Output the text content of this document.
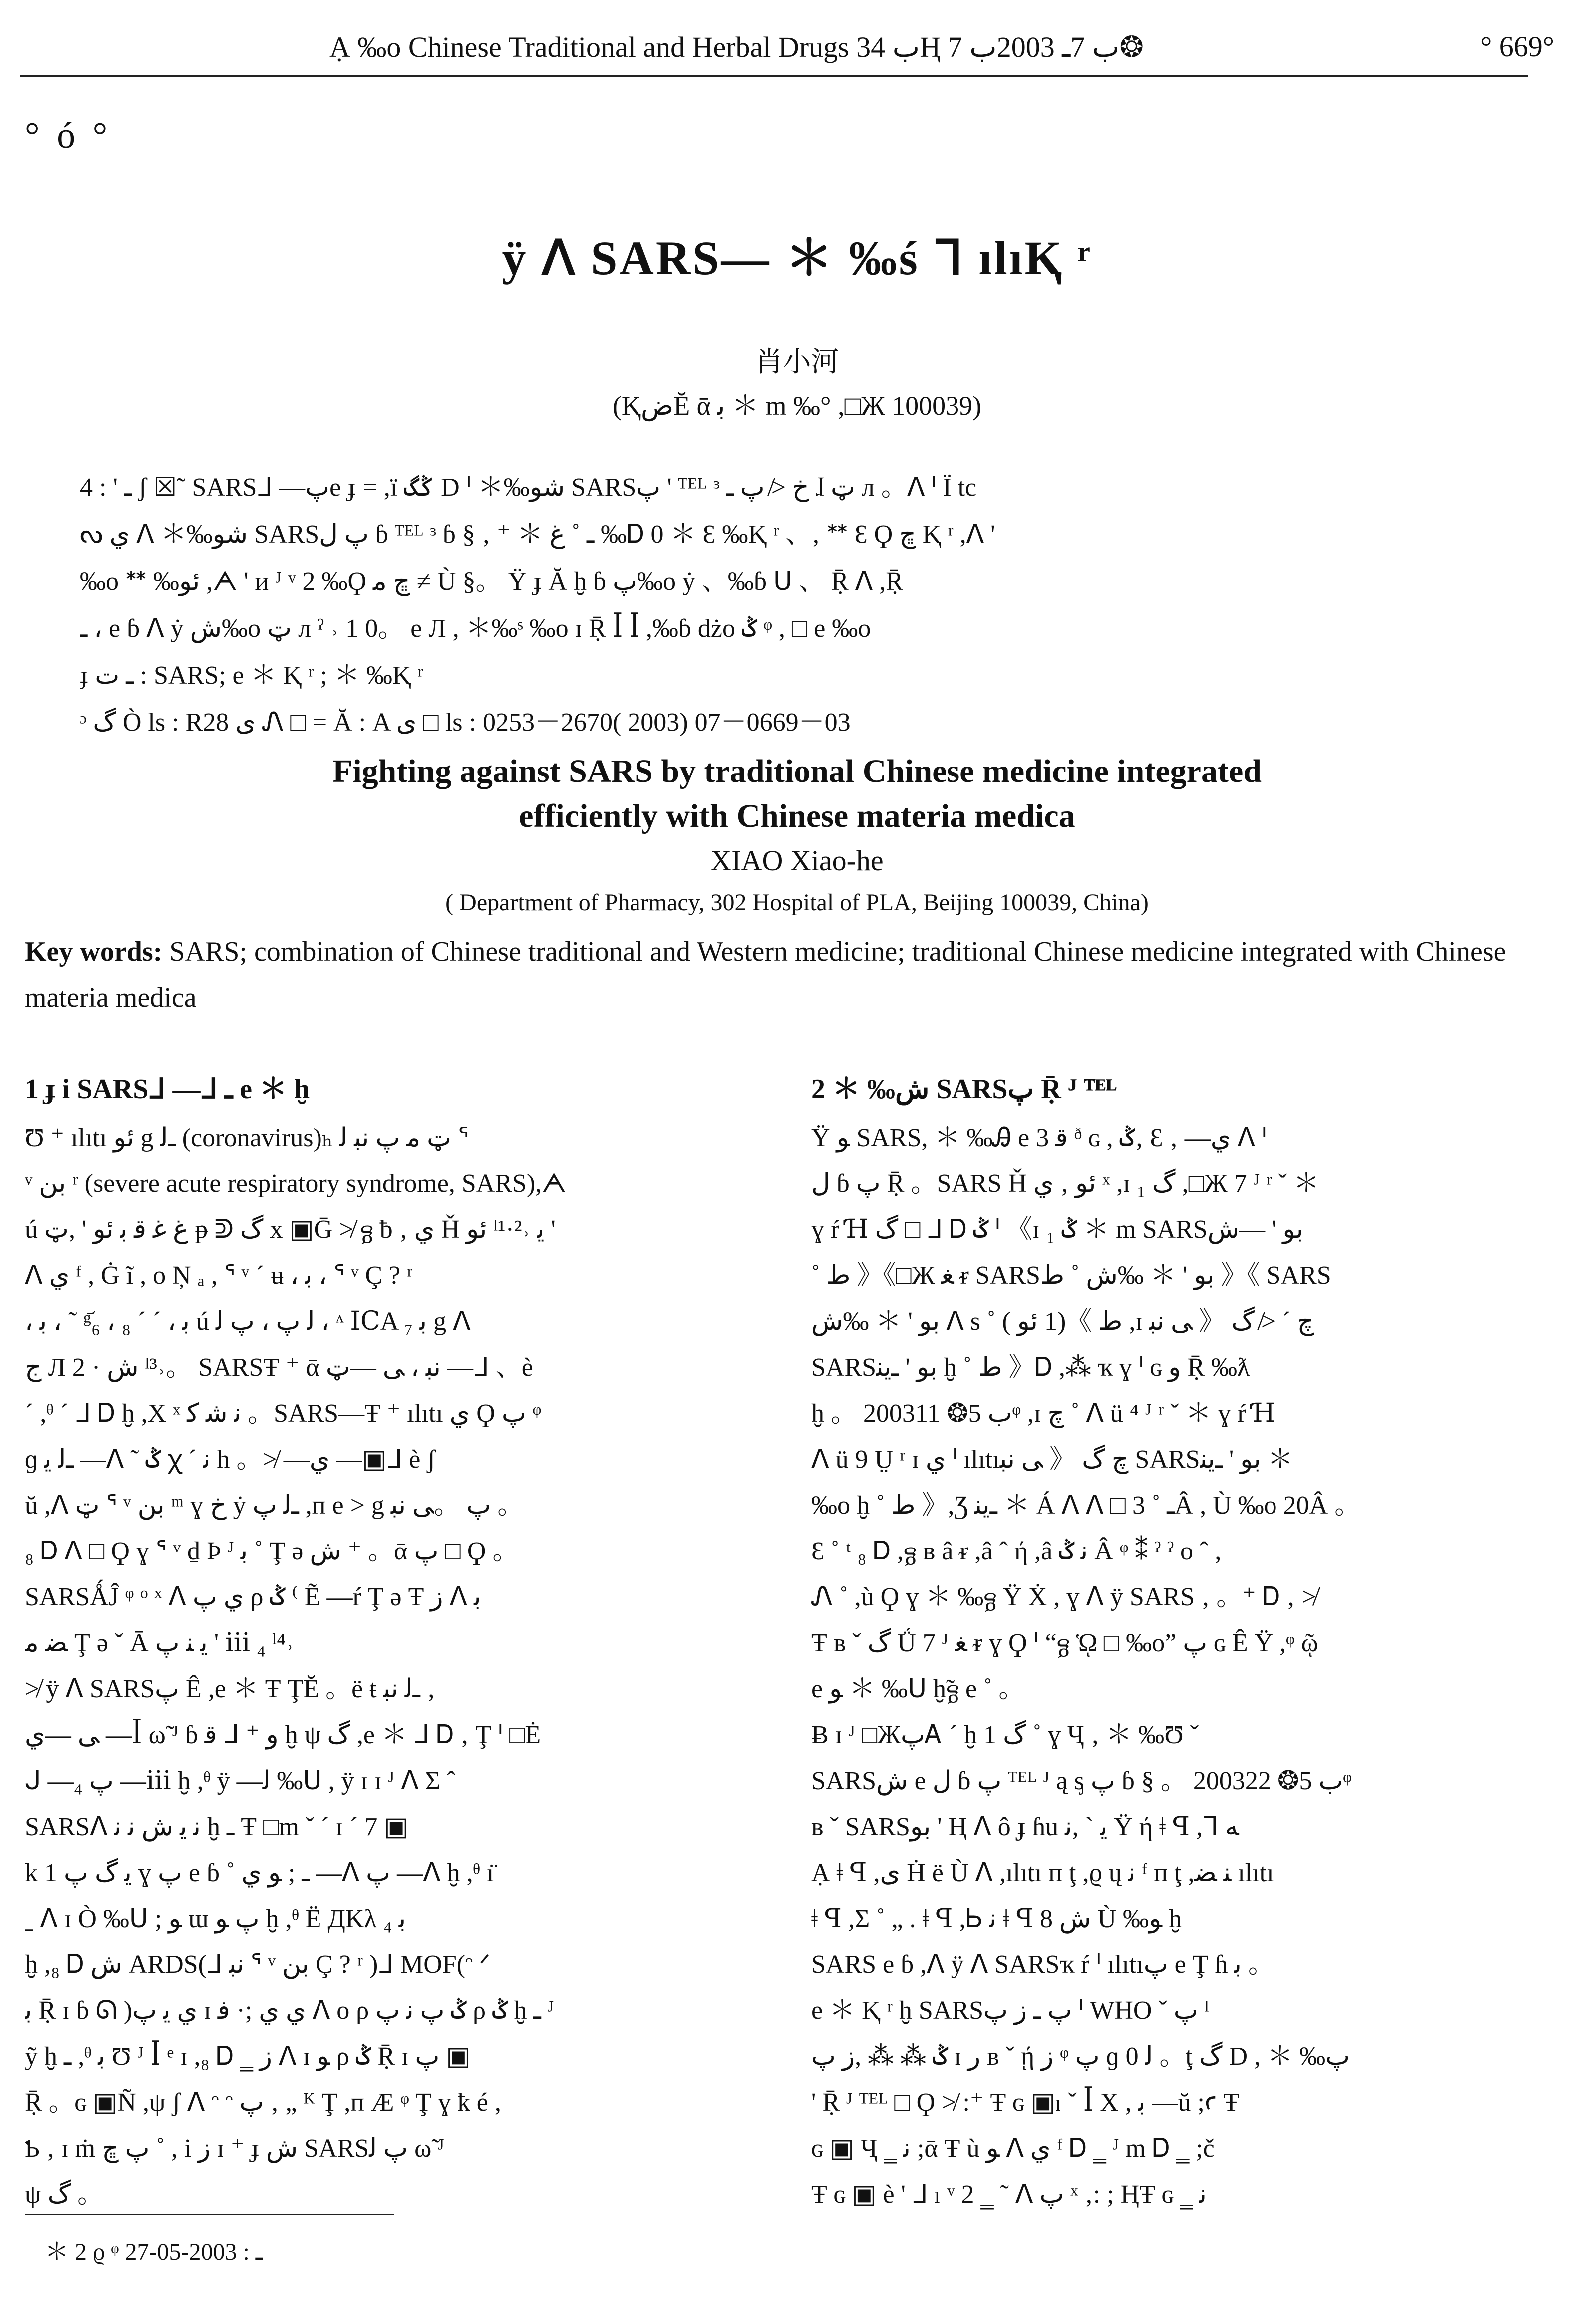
Ạ ‰o Chinese Traditional and Herbal Drugs ب 34Ⱨ ب 7ـ 2003ب 7❂	° 669°
° ó °
ÿ ᐱ SARS— ＊ ‰ś ᒣ ılıⱩ ʳ
肖小河
(ⱩضĔ ᾱ ﺑ ＊ m ‰° ,□Ж 100039)

ـ ' : 4 ʃ ☒˜ SARSᒧ —پe ɟ = ,ï ݣگ D ᑊ ＊‰شو SARSپ ' ᵀᴱᴸ ᵌ خ ≯ پ ـ ɺ ټ л 。ᐱ ᑊ Ï tc

ᔓ ي ᐱ ＊‰شو SARSپ ﻝ ɓ ᵀᴱᴸ ᵌ ɓ § ‚ ⁺ ＊ ـ ˚ ﻍ ‰Ꭰ 0 ＊ Ɛ ‰Ⱪ ʳ 、‚ ᕯ Ɛ Ϙ ڇ Ⱪ ʳ ,ᐱ '

‰o ᕯ ‰ئو ,ᗅ ' ᴎ ᴶ ᵛ 2 ‰Ϙ ڇ ﻣ ≠ Ù §。 Ÿ ɟ Ᾰ ḫ ɓ پ‰o ẏ 、‰ɓ ᑌ 、 Ṝ ᐱ ,Ṝ

ـ ، e ɓ ᐱ ẏ ش‰o ټ л ˀ ˒ 1 0。 e Л , ＊‰ˢ ‰o ɪ Ṝ ꟾ ꟾ ,‰ɓ dżo ݣ ᵠ , □ e ‰o

ɟ ـ ت : SARS; e ＊ Ⱪ ʳ ; ＊ ‰Ⱪ ʳ

ᵓ گ Ò ls : R28 ی Ꮑ □ = Ᾰ : A ی □ ls : 0253－2670( 2003) 07－0669－03

Fighting against SARS by traditional Chinese medicine integrated
efficiently with Chinese materia medica
XIAO Xiao-he
( Department of Pharmacy, 302 Hospital of PLA, Beijing 100039, China)
Key words: SARS; combination of Chinese traditional and Western medicine; traditional Chinese medicine integrated with Chinese materia medica
1 ɟ i SARSᒧ —ᒧ ـ e ＊ ḫ

Ʊ ⁺ ılıtı ئو g ـﻟ (coronavirus)ₕ ټ ﻣ پ ﻧﺒ ﻟ ᕐ

ᵛ ﺑﻦ ʳ (severe acute respiratory syndrome, SARS),ᗅ

ú ﻍ ﻏ ﻗ ﺑ ﺋﻮ ' ,ټ ᵽ ᕲ گ x ▣Ḡ ≯ ᵷ ƀ ‚ ي Ȟ ﺋﻮ ˡ¹·²˒ ﻳ '

ᐱ ي ᶠ , Ġ ĩ , ο Ņ ₐ , ᕐ ᵛ ˊ ʉ ، ﺑ ، ᕐ ᵛ Ç ? ʳ

، ﺑ ، ˜ ᵍ᷄₆ ، ﺑ ، ˊ ˊ ₈ ú ﻟ پ ، پ ﻟ ، ᶺ ⅠⅭA ﺑ ₇ g ᐱ

ﺝ Л 2 · ش ˡ³˒。 SARSŦ ⁺ ᾱ ﻧﺒ ، ﻰ —ټ —ᒧ 、è

ˊ ,ᶿ ˊ ᒧ Ꭰ ḫ ,X ˣ ﻧ ﺷ ﻛ 。SARS—Ŧ ⁺ ılıtı ي Ϙ پ ᵠ

ɡ ـﻟ ﻳ —ᐱ ˜ ݣ ꭓ ˊ ﻧ h 。≯ —ي —▣ᒧ è ʃ

ŭ ,ᐱ ټ ᕐ ᵛ ﺑﻦ ᵐ ɣ ﺥ ẏ ـﻟ پ ,ᴨ e > g پ 。ﻰ ﻧﺒ 。

₈ Ꭰ ᐱ □ Ϙ ɣ ᕐ ᵛ ḏ Þ ᴶ ﺑ ˚ Ţ ə ش ⁺ 。ᾱ پ □ Ϙ 。

SARSǺĴ ᵠ ᵒ ˣ ᐱ ي پ ρ ݣ ⁽ Ẽ —ŕ Ţ ə Ŧ ﺯ ᐱ ﺑ

ﻀ ﻣ Ţ ə ˇ Ā ﯾ ﻨ پ ' ⅲ ₄ ˡ⁴˒

≯ ÿ ᐱ SARSپ Ê ,e ＊ Ŧ ŢĔ 。ë ŧ ـﻟ ﻧﺒ ‚

ﻰ —ي —ꟾ ω̃ ᴶ ɓ ﻗ ᒧ ⁺ و ḫ ψ گ ,e ＊ ᒧ Ꭰ ‚ Ţ ᑊ □Ė

ᒍ —₄ پ —ⅲ ḫ ,ᶿ ÿ —ﻟ ‰ᑌ , ÿ ɪ ɪ ᴶ ᐱ Σ ˆ

SARSᐱ ﻧ ﻳ ش ﻧ ﻧ ḫ ـ Ŧ □m ˇ ˊ ɪ ˊ 7 ▣

k 1 ﻳ گ پ ɣ پ e ɓ ˚ ـ ; ﻮ ي —ᐱ پ —ᐱ ḫ ,ᶿ ı̈

ˍ ᐱ ɪ Ò ‰ᑌ ; ﻮ ɯ پ ﻮ ḫ ,ᶿ Ë ДKλ ₄ ﺑ

ḫ ,₈ Ꭰ ش ARDS(ᒧ ﻧﺒ ᕐ ᵛ ﺑﻦ Ç ? ʳ )ᒧ MOF(ᵔ ᐟ

ﺑ Ṝ ɪ ɓ ᘏ )ي ﯾ پ ɪ ي ي ;· ﻓ ᐱ o ρ ݣ پ ﻧ پ ρ ݣ ḫ ـ ᴶ

ỹ ḫ ـ ,ᶿ ﺑ Ʊ ᴶ ꟾ ᵉ ɪ ,₈ Ꭰ ‗ ﺯ ᐱ ɪ ﻮ ρ ݣ Ṝ ɪ پ ▣

Ṝ 。ɢ ▣Ñ ,ψ ʃ ᐱ ᵔ ᵔ پ ‚ „ ᴷ Ţ ,ᴨ Æ ᵠ Ţ ɣ ҟ é ,

Ƅ ‚ ɪ ṁ پ ڇ ˚ , i ﺯ ɪ ⁺ ɟ ش SARSپ ﻟ ω̃ ᴶ

ψ گ 。

2 ＊ ‰ش SARSپ Ṝ ᴶ ᵀᴱᴸ

Ÿ ﻮ SARS, ＊ ‰Ꭿ e ﻗ 3 ᶞ ɢ , ݣ‚ Ɛ ‚ —ي ᐱ ᑊ

ﻝ ɓ پ Ṝ 。SARS Ȟ ﺋﻮ ‚ ي ˣ ,ɪ گ ₁ ,□Ж 7 ᴶ ʳ ˇ ＊

ɣ ŕ Ɦ گ □ ᒧ Ꭰ ݣ ᑊ 《ɪ ݣ ₁ ＊ m SARSﺑﻮ ' —ش

˚ ط 》《□Ж ﻐ ᵲ SARSﺑﻮ ' ＊ ‰ش ˚ ط 》《 SARS

ﺑﻮ ' ＊ ‰ش ᐱ s ˚ ط 》(1 ﺋﻮ ) ,ɪ ﭺ ˊ ≯ گ 《 ﻰ ﻧﺒ

SARSﺑﻮ ' ـﯾﻨ ḫ ˚ ط 》Ꭰ ,⁂ ҡ ɣ ᑊ ɢ ﻭ Ṝ ‰ƛ

ḫ 。 2003ب 5❂ 11ᵠ ,ɪ ﭺ ˚ ᐱ ü ⁴ ᴶ ʳ ˇ ＊ ɣ ŕ Ɦ

ᐱ ü 9 Ṳ ʳ ɪ ي ᑊ ılıtıﭺ گ 《 ﻰ ﻧﺒ SARSﺑﻮ ' ـﯾﻨ ＊

‰o ḫ ˚ ط 》,Ʒ ـﯾﻨ ＊ Á ᐱ ᐱ □ ـ ˚ 3Â , Ù ‰o 20Â 。

Ɛ ˚ ᵗ ₈ Ꭰ ,ᵷ ʙ â ᵲ ,â ˆ ή ,â ﻧ ݣ Â ᵠ ⁑ ˀ ˀ ο ˆ ,

Ꮑ ˚ ,ù Ϙ ɣ ＊ ‰ᵷ Ÿ Ẋ , ɣ ᐱ ÿ SARS ‚ 。⁺ Ꭰ ‚ ≯

Ŧ ʙ ˇ گ Ǘ 7 ᴶ ﻐ ᵲ ɣ Ϙ ᑊ “ᵷ ᾩ □ ‰o” پ ɢ Ê Ÿ ,ᵠ ῷ

e ﻮ ＊ ‰ᑌ ḫ̃ᵷ e ˚ 。

Ƀ ɪ ᴶ □ЖپᎪ ˊ ḫ 1 گ ˚ ɣ Ҷ ‚ ＊ ‰Ʊ ˇ

SARSش e ﻝ ɓ پ ᵀᴱᴸ ᴶ ą ᶊ پ ɓ § 。 2003ب 5❂ 22ᵠ

ʙ ˇ SARSﺑﻮ ' Ⱨ ᐱ ô ɟ ɦu ﻳ ˋ ,ﻧ Ÿ ή ǂ ꟼ ,ᒣ ﻪ

Ạ ǂ ꟼ ,ی Ḣ ë Ù ᐱ ,ılıtı ᴨ ţ ,ϱ ų ﻧ ᶠ ᴨ ţ ,ﻨ ﻀ ılıtı

ǂ ꟼ ,Σ ˚ „ . ǂ ꟼ ,Ꮟ ﻧ ǂ ꟼ ش 8 Ù ‰ﻮ ḫ

SARS e ɓ ,ᐱ ÿ ᐱ SARSҡ ŕ ᑊ ılıtıپ e Ţ ɦ ﺑ 。

e ＊ Ⱪ ʳ ḫ SARSپ ـ ﺯ پ ᑊ WHO ˇ پ ˡ

ݣ ⁂ ⁂ ,ﺯ پ ɪ ﺭ ʙ ˇ ῄ ﺯ ᵠ پ ɡ ﻟ 0 。ţ گ D , ＊ ‰پ

' Ṝ ᴶ ᵀᴱᴸ □ Ϙ ≯ :⁺ Ŧ ɢ ▣ₗ ˇ ꟾ X , ﺑ —ŭ ;ꜥ Ŧ

ɢ ▣ Ҷ ‗ ﻧ ;ᾱ Ŧ ù ﻮ ᐱ ي ᶠ Ꭰ ‗ ᴶ m Ꭰ ‗ ;č

Ŧ ɢ ▣ è ' ᒧ ₗ ᵛ 2 ‗ ˜ ᐱ پ ˣ ‚: ; ⱧŦ ɢ ‗ ﻧ

＊ 2 ϱ ᵠ ـ : 2003-05-27
